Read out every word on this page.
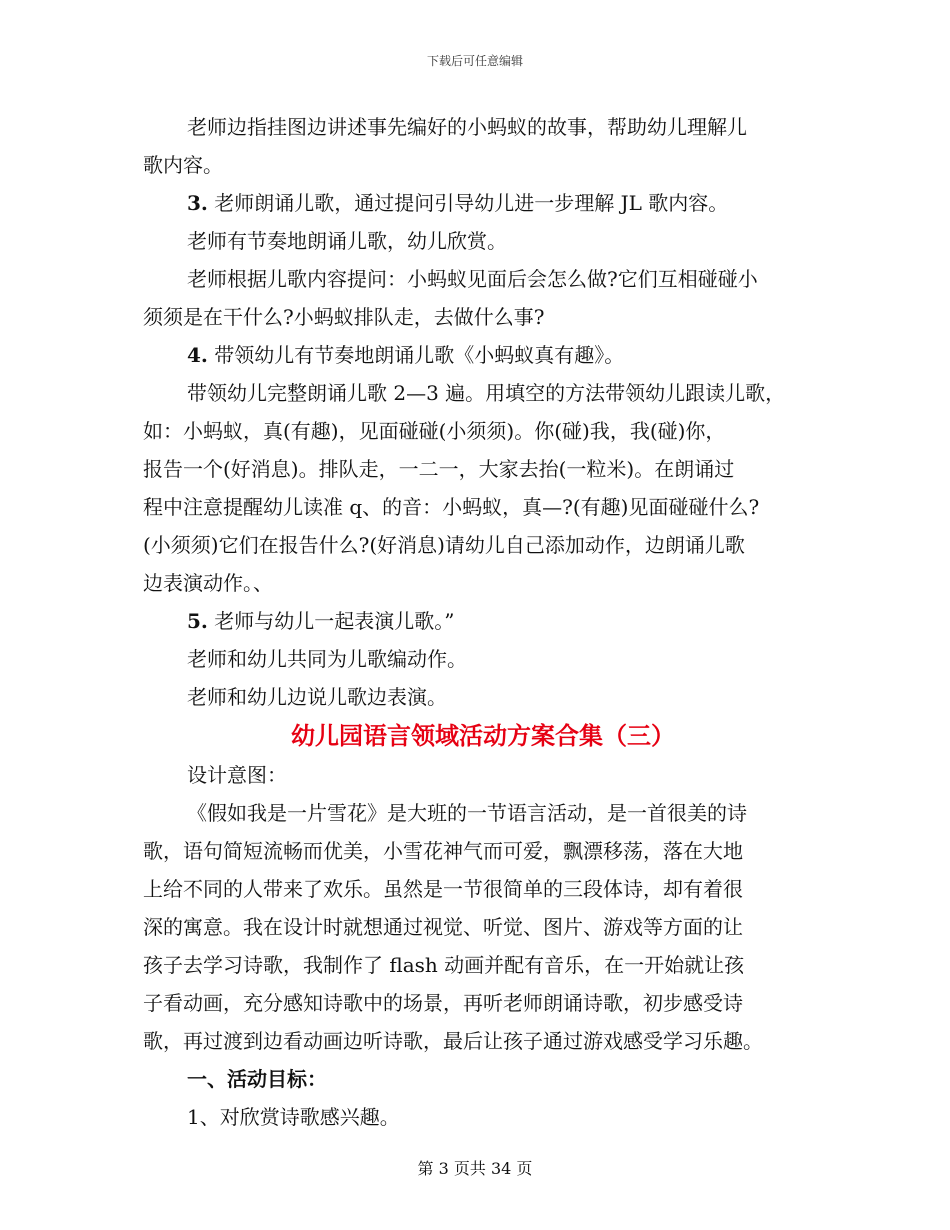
下载后可任意编辑
老师边指挂图边讲述事先编好的小蚂蚁的故事，帮助幼儿理解儿
歌内容。
3. 老师朗诵儿歌，通过提问引导幼儿进一步理解 JL 歌内容。
老师有节奏地朗诵儿歌，幼儿欣赏。
老师根据儿歌内容提问：小蚂蚁见面后会怎么做?它们互相碰碰小
须须是在干什么?小蚂蚁排队走，去做什么事?
4. 带领幼儿有节奏地朗诵儿歌《小蚂蚁真有趣》。
带领幼儿完整朗诵儿歌 2—3 遍。用填空的方法带领幼儿跟读儿歌，
如：小蚂蚁，真(有趣)，见面碰碰(小须须)。你(碰)我，我(碰)你，
报告一个(好消息)。排队走，一二一，大家去抬(一粒米)。在朗诵过
程中注意提醒幼儿读准 q、的音：小蚂蚁，真—?(有趣)见面碰碰什么?
(小须须)它们在报告什么?(好消息)请幼儿自己添加动作，边朗诵儿歌
边表演动作。、
5. 老师与幼儿一起表演儿歌。”
老师和幼儿共同为儿歌编动作。
老师和幼儿边说儿歌边表演。
幼儿园语言领域活动方案合集（三）
设计意图：
《假如我是一片雪花》是大班的一节语言活动，是一首很美的诗
歌，语句简短流畅而优美，小雪花神气而可爱，飘漂移荡，落在大地
上给不同的人带来了欢乐。虽然是一节很简单的三段体诗，却有着很
深的寓意。我在设计时就想通过视觉、听觉、图片、游戏等方面的让
孩子去学习诗歌，我制作了 flash 动画并配有音乐，在一开始就让孩
子看动画，充分感知诗歌中的场景，再听老师朗诵诗歌，初步感受诗
歌，再过渡到边看动画边听诗歌，最后让孩子通过游戏感受学习乐趣。
一、活动目标：
1、对欣赏诗歌感兴趣。
第 3 页共 34 页
